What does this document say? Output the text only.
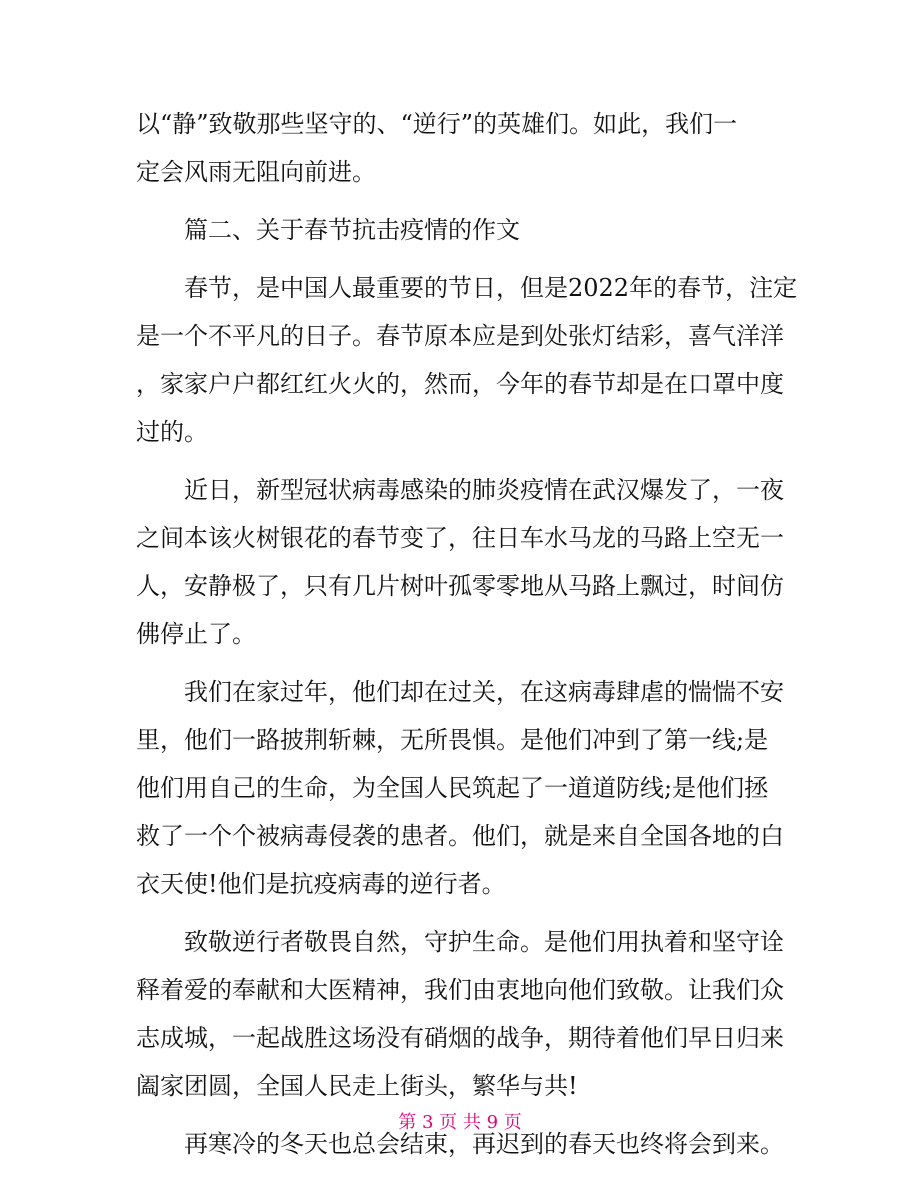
以“静”致敬那些坚守的、“逆行”的英雄们。如此，我们一
定会风雨无阻向前进。
篇二、关于春节抗击疫情的作文
春节，是中国人最重要的节日，但是2022年的春节，注定
是一个不平凡的日子。春节原本应是到处张灯结彩，喜气洋洋
，家家户户都红红火火的，然而，今年的春节却是在口罩中度
过的。
近日，新型冠状病毒感染的肺炎疫情在武汉爆发了，一夜
之间本该火树银花的春节变了，往日车水马龙的马路上空无一
人，安静极了，只有几片树叶孤零零地从马路上飘过，时间仿
佛停止了。
我们在家过年，他们却在过关，在这病毒肆虐的惴惴不安
里，他们一路披荆斩棘，无所畏惧。是他们冲到了第一线;是
他们用自己的生命，为全国人民筑起了一道道防线;是他们拯
救了一个个被病毒侵袭的患者。他们，就是来自全国各地的白
衣天使!他们是抗疫病毒的逆行者。
致敬逆行者敬畏自然，守护生命。是他们用执着和坚守诠
释着爱的奉献和大医精神，我们由衷地向他们致敬。让我们众
志成城，一起战胜这场没有硝烟的战争，期待着他们早日归来
阖家团圆，全国人民走上街头，繁华与共!
再寒冷的冬天也总会结束，再迟到的春天也终将会到来。
第 3 页 共 9 页
